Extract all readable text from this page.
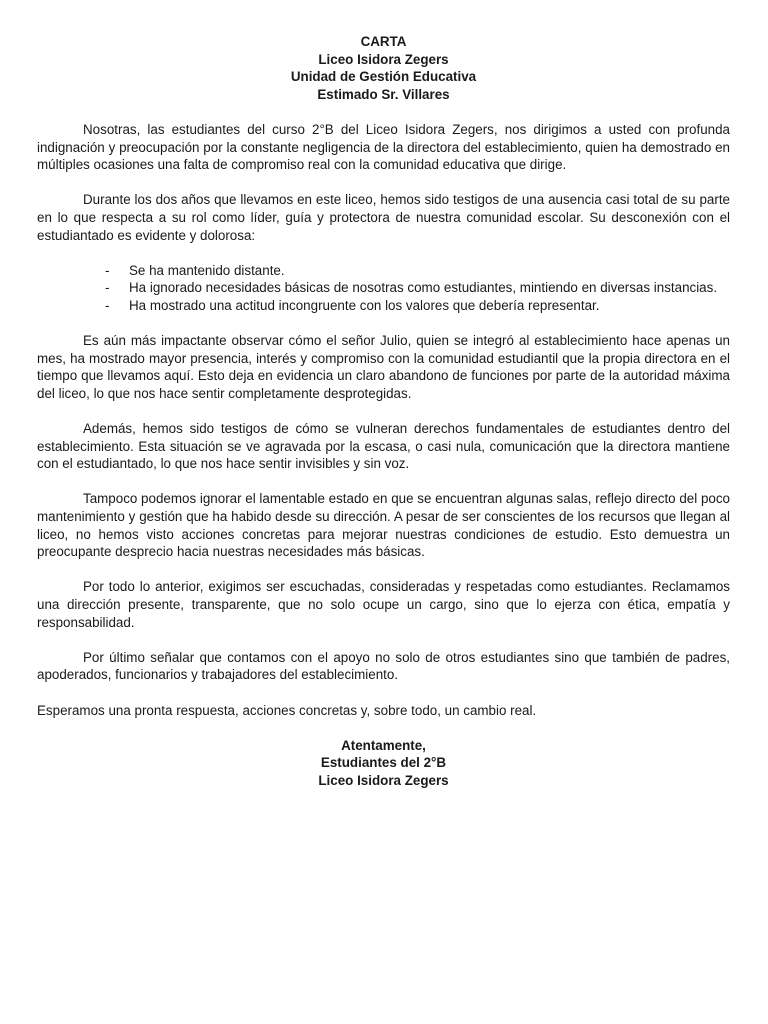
CARTA
Liceo Isidora Zegers
Unidad de Gestión Educativa
Estimado Sr. Villares

Nosotras, las estudiantes del curso 2°B del Liceo Isidora Zegers, nos dirigimos a usted con profunda indignación y preocupación por la constante negligencia de la directora del establecimiento, quien ha demostrado en múltiples ocasiones una falta de compromiso real con la comunidad educativa que dirige.

Durante los dos años que llevamos en este liceo, hemos sido testigos de una ausencia casi total de su parte en lo que respecta a su rol como líder, guía y protectora de nuestra comunidad escolar. Su desconexión con el estudiantado es evidente y dolorosa:

- Se ha mantenido distante.
- Ha ignorado necesidades básicas de nosotras como estudiantes, mintiendo en diversas instancias.
- Ha mostrado una actitud incongruente con los valores que debería representar.

Es aún más impactante observar cómo el señor Julio, quien se integró al establecimiento hace apenas un mes, ha mostrado mayor presencia, interés y compromiso con la comunidad estudiantil que la propia directora en el tiempo que llevamos aquí. Esto deja en evidencia un claro abandono de funciones por parte de la autoridad máxima del liceo, lo que nos hace sentir completamente desprotegidas.

Además, hemos sido testigos de cómo se vulneran derechos fundamentales de estudiantes dentro del establecimiento. Esta situación se ve agravada por la escasa, o casi nula, comunicación que la directora mantiene con el estudiantado, lo que nos hace sentir invisibles y sin voz.

Tampoco podemos ignorar el lamentable estado en que se encuentran algunas salas, reflejo directo del poco mantenimiento y gestión que ha habido desde su dirección. A pesar de ser conscientes de los recursos que llegan al liceo, no hemos visto acciones concretas para mejorar nuestras condiciones de estudio. Esto demuestra un preocupante desprecio hacia nuestras necesidades más básicas.

Por todo lo anterior, exigimos ser escuchadas, consideradas y respetadas como estudiantes. Reclamamos una dirección presente, transparente, que no solo ocupe un cargo, sino que lo ejerza con ética, empatía y responsabilidad.

Por último señalar que contamos con el apoyo no solo de otros estudiantes sino que también de padres, apoderados, funcionarios y trabajadores del establecimiento.

Esperamos una pronta respuesta, acciones concretas y, sobre todo, un cambio real.

Atentamente,
Estudiantes del 2°B
Liceo Isidora Zegers
